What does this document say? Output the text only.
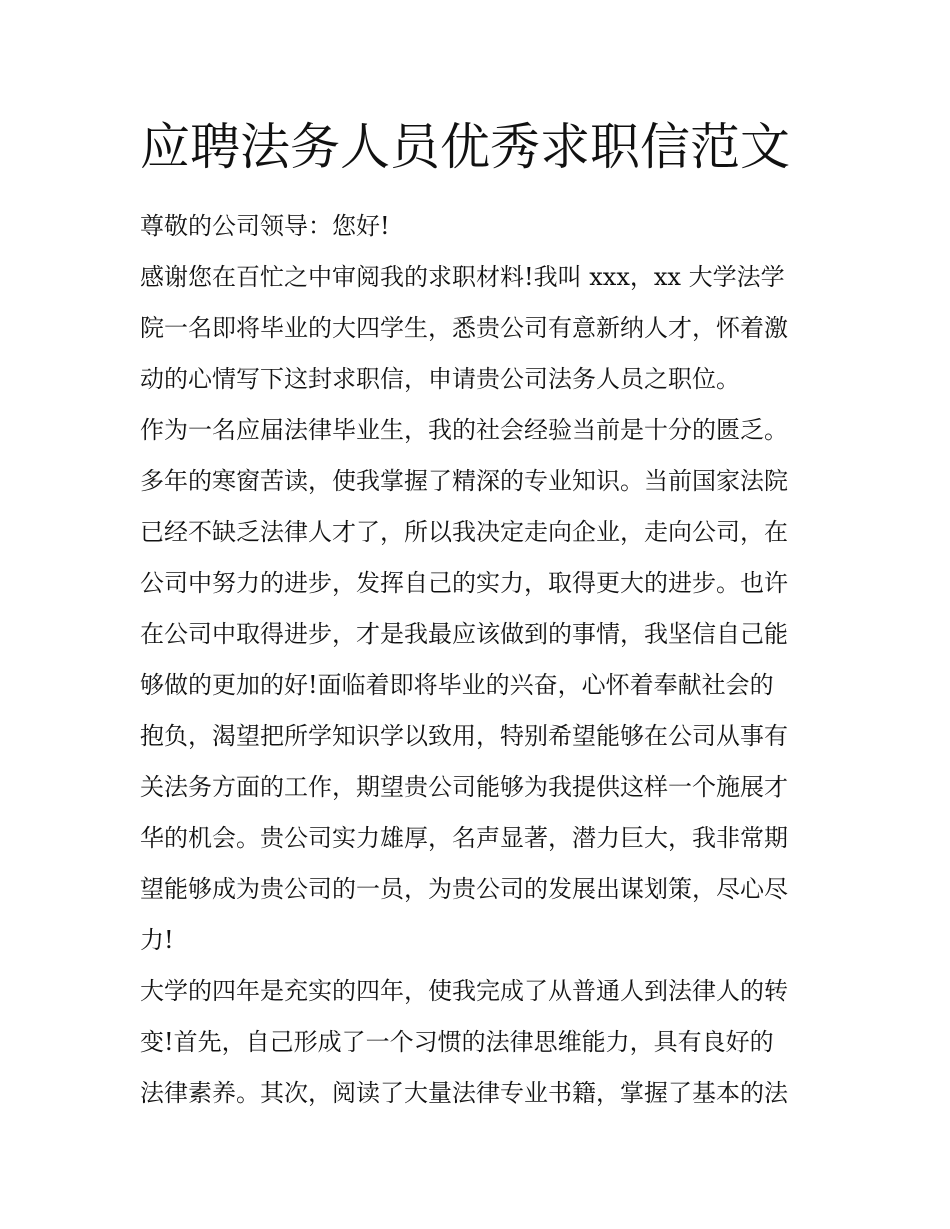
应聘法务人员优秀求职信范文
尊敬的公司领导：您好!
感谢您在百忙之中审阅我的求职材料!我叫 xxx，xx 大学法学
院一名即将毕业的大四学生，悉贵公司有意新纳人才，怀着激
动的心情写下这封求职信，申请贵公司法务人员之职位。
作为一名应届法律毕业生，我的社会经验当前是十分的匮乏。
多年的寒窗苦读，使我掌握了精深的专业知识。当前国家法院
已经不缺乏法律人才了，所以我决定走向企业，走向公司，在
公司中努力的进步，发挥自己的实力，取得更大的进步。也许
在公司中取得进步，才是我最应该做到的事情，我坚信自己能
够做的更加的好!面临着即将毕业的兴奋，心怀着奉献社会的
抱负，渴望把所学知识学以致用，特别希望能够在公司从事有
关法务方面的工作，期望贵公司能够为我提供这样一个施展才
华的机会。贵公司实力雄厚，名声显著，潜力巨大，我非常期
望能够成为贵公司的一员，为贵公司的发展出谋划策，尽心尽
力!
大学的四年是充实的四年，使我完成了从普通人到法律人的转
变!首先，自己形成了一个习惯的法律思维能力，具有良好的
法律素养。其次，阅读了大量法律专业书籍，掌握了基本的法
